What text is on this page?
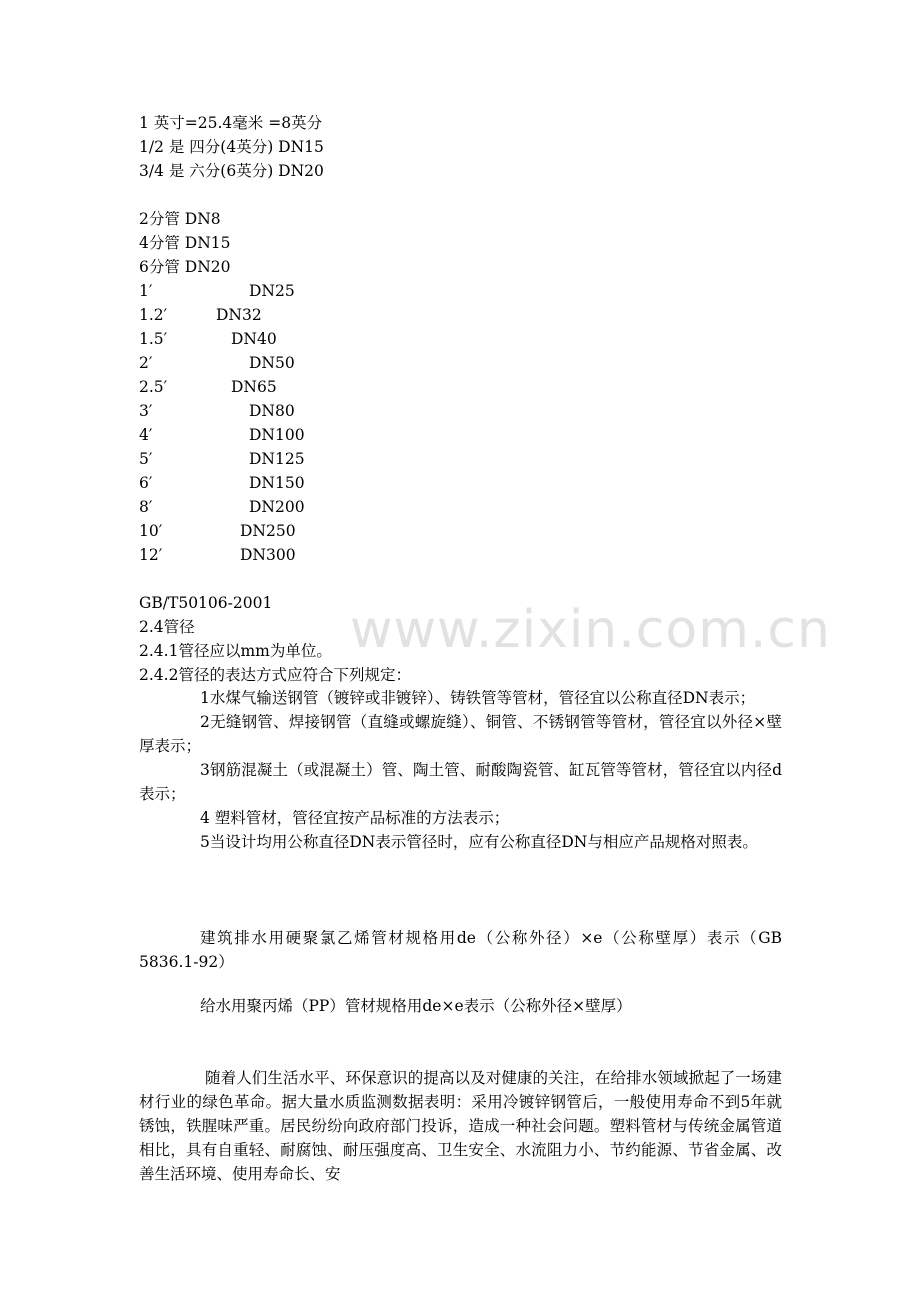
www.zixin.com.cn
1 英寸=25.4毫米 =8英分
1/2 是 四分(4英分) DN15
3/4 是 六分(6英分) DN20
2分管 DN8
4分管 DN15
6分管 DN20
1′	DN25
1.2′	DN32
1.5′	DN40
2′	DN50
2.5′	DN65
3′	DN80
4′	DN100
5′	DN125
6′	DN150
8′	DN200
10′	DN250
12′	DN300
GB/T50106-2001
2.4管径
2.4.1管径应以mm为单位。
2.4.2管径的表达方式应符合下列规定：

1水煤气输送钢管（镀锌或非镀锌）、铸铁管等管材，管径宜以公称直径DN表示；

2无缝钢管、焊接钢管（直缝或螺旋缝）、铜管、不锈钢管等管材，管径宜以外径×壁厚表示；

3钢筋混凝土（或混凝土）管、陶土管、耐酸陶瓷管、缸瓦管等管材，管径宜以内径d表示；

4 塑料管材，管径宜按产品标准的方法表示；

5当设计均用公称直径DN表示管径时，应有公称直径DN与相应产品规格对照表。

建筑排水用硬聚氯乙烯管材规格用de（公称外径）×e（公称壁厚）表示（GB 5836.1-92）

给水用聚丙烯（PP）管材规格用de×e表示（公称外径×壁厚）

随着人们生活水平、环保意识的提高以及对健康的关注，在给排水领域掀起了一场建材行业的绿色革命。据大量水质监测数据表明：采用冷镀锌钢管后，一般使用寿命不到5年就锈蚀，铁腥味严重。居民纷纷向政府部门投诉，造成一种社会问题。塑料管材与传统金属管道相比，具有自重轻、耐腐蚀、耐压强度高、卫生安全、水流阻力小、节约能源、节省金属、改善生活环境、使用寿命长、安
